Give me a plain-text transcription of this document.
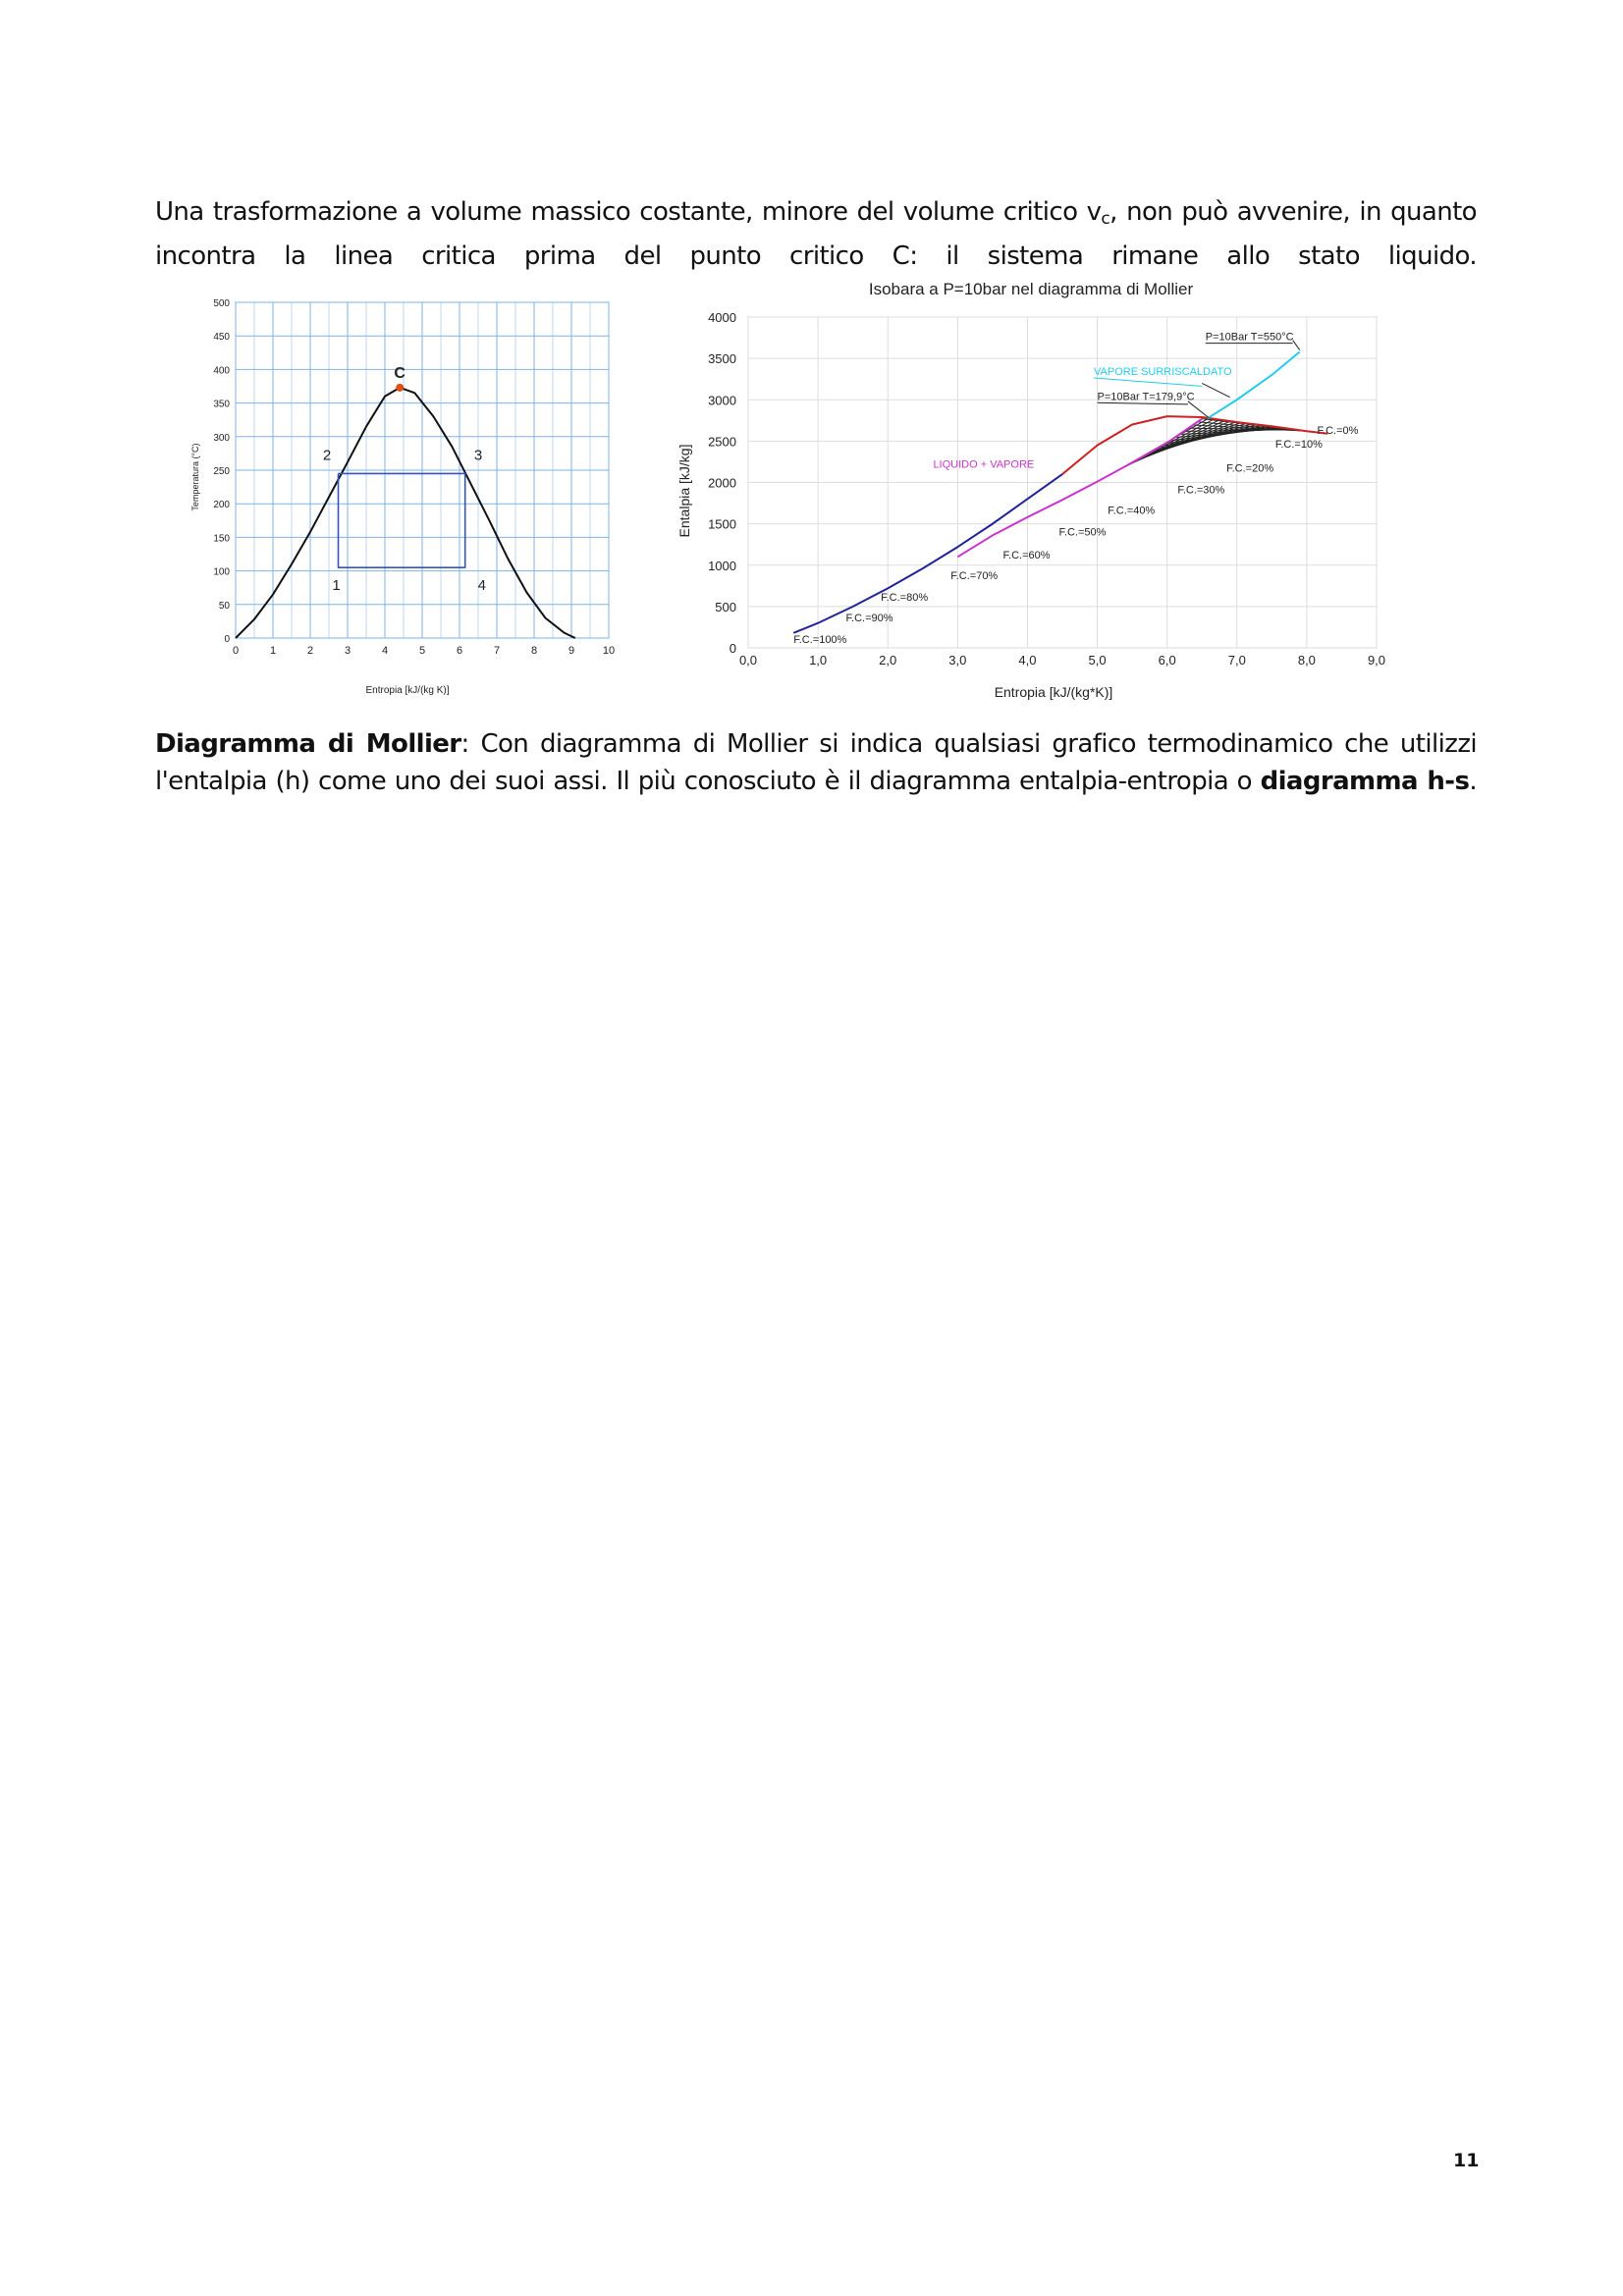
Una trasformazione a volume massico costante, minore del volume critico $v_c$, non può avvenire, in quanto incontra la linea critica prima del punto critico C: il sistema rimane allo stato liquido.
0	1	2	3	4	5	6	7	8	9	10
0
50
100
150
200
250
300
350
400
450
500
C
2	3
1	4
Entropia [kJ/(kg K)]
Temperatura (°C)
Isobara a P=10bar nel diagramma di Mollier
0,0	1,0	2,0	3,0	4,0	5,0	6,0	7,0	8,0	9,0
0
500
1000
1500
2000
2500
3000
3500
4000
P=10Bar T=550°C
VAPORE SURRISCALDATO
P=10Bar T=179,9°C
LIQUIDO + VAPORE
F.C.=0%
F.C.=10%
F.C.=20%
F.C.=30%
F.C.=40%
F.C.=50%
F.C.=60%
F.C.=70%
F.C.=80%
F.C.=90%
F.C.=100%
Entropia [kJ/(kg*K)]
Entalpia [kJ/kg]
Diagramma di Mollier: Con diagramma di Mollier si indica qualsiasi grafico termodinamico che utilizzi l'entalpia (h) come uno dei suoi assi. Il più conosciuto è il diagramma entalpia-entropia o diagramma h-s.
11
